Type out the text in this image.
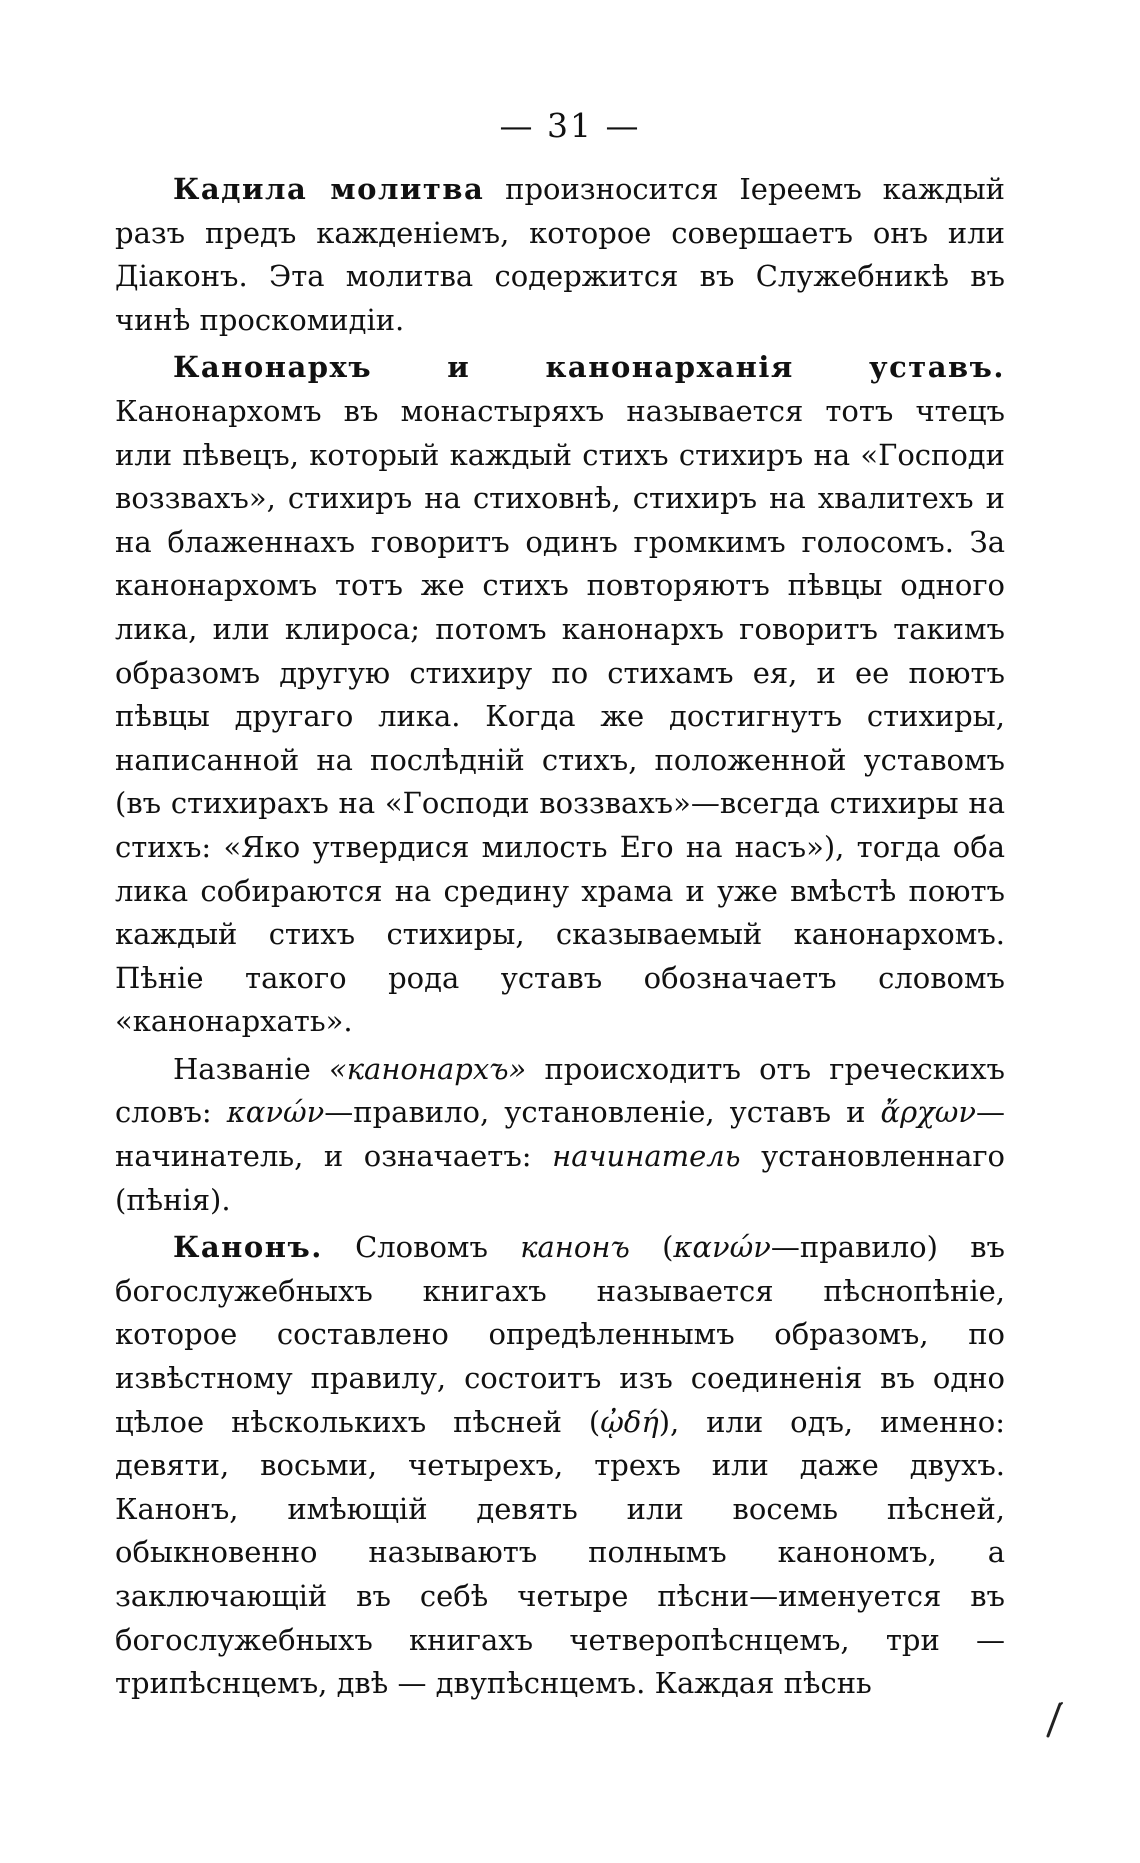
— 31 —

Кадила молитва произносится Iереемъ каждый разъ предъ кажденiемъ, которое совершаетъ онъ или Дiаконъ. Эта молитва содержится въ Служебникѣ въ чинѣ проскомидiи.

Канонархъ и канонарханiя уставъ. Канонархомъ въ монастыряхъ называется тотъ чтецъ или пѣвецъ, который каждый стихъ стихиръ на «Господи воззвахъ», стихиръ на стиховнѣ, стихиръ на хвалитехъ и на блаженнахъ говоритъ одинъ громкимъ голосомъ. За канонархомъ тотъ же стихъ повторяютъ пѣвцы одного лика, или клироса; потомъ канонархъ говоритъ такимъ образомъ другую стихиру по стихамъ ея, и ее поютъ пѣвцы другаго лика. Когда же достигнутъ стихиры, написанной на послѣднiй стихъ, положенной уставомъ (въ стихирахъ на «Господи воззвахъ»—всегда стихиры на стихъ: «Яко утвердися милость Его на насъ»), тогда оба лика собираются на средину храма и уже вмѣстѣ поютъ каждый стихъ стихиры, сказываемый канонархомъ. Пѣнiе такого рода уставъ обозначаетъ словомъ «канонархать».

Названiе «канонархъ» происходитъ отъ греческихъ словъ: κανών—правило, установленiе, уставъ и ἄρχων—начинатель, и означаетъ: начинатель установленнаго (пѣнiя).

Канонъ. Словомъ канонъ (κανών—правило) въ богослужебныхъ книгахъ называется пѣснопѣнiе, которое составлено опредѣленнымъ образомъ, по извѣстному правилу, состоитъ изъ соединенiя въ одно цѣлое нѣсколькихъ пѣсней (ᾠδή), или одъ, именно: девяти, восьми, четырехъ, трехъ или даже двухъ. Канонъ, имѣющiй девять или восемь пѣсней, обыкновенно называютъ полнымъ канономъ, а заключающiй въ себѣ четыре пѣсни—именуется въ богослужебныхъ книгахъ четверопѣснцемъ, три — трипѣснцемъ, двѣ — двупѣснцемъ. Каждая пѣснь
